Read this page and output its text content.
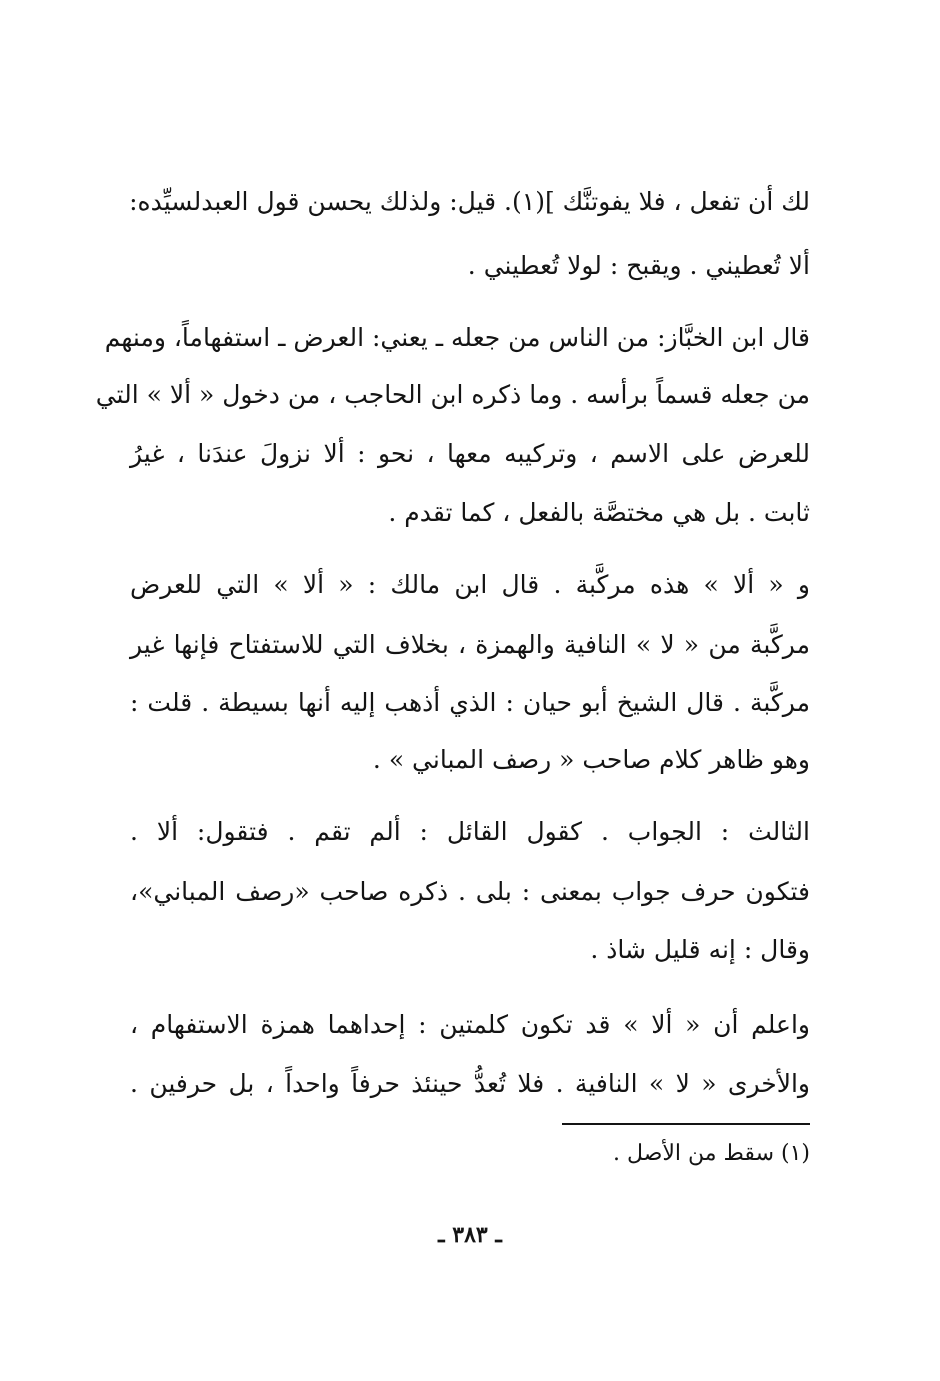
لك أن تفعل ، فلا يفوتنَّك ](١). قيل: ولذلك يحسن قول العبدلسيِّده:
ألا تُعطيني . ويقبح : لولا تُعطيني .
قال ابن الخبَّاز: من الناس من جعله ـ يعني: العرض ـ استفهاماً، ومنهم
من جعله قسماً برأسه . وما ذكره ابن الحاجب ، من دخول « ألا » التي
للعرض على الاسم ، وتركيبه معها ، نحو : ألا نزولَ عندَنا ، غيرُ
ثابت . بل هي مختصَّة بالفعل ، كما تقدم .
و « ألا » هذه مركَّبة . قال ابن مالك : « ألا » التي للعرض
مركَّبة من « لا » النافية والهمزة ، بخلاف التي للاستفتاح فإنها غير
مركَّبة . قال الشيخ أبو حيان : الذي أذهب إليه أنها بسيطة . قلت :
وهو ظاهر كلام صاحب « رصف المباني » .
الثالث : الجواب . كقول القائل : ألم تقم . فتقول: ألا .
فتكون حرف جواب بمعنى : بلى . ذكره صاحب «رصف المباني»،
وقال : إنه قليل شاذ .
واعلم أن « ألا » قد تكون كلمتين : إحداهما همزة الاستفهام ،
والأخرى « لا » النافية . فلا تُعدُّ حينئذ حرفاً واحداً ، بل حرفين .
(١) سقط من الأصل .
ـ ٣٨٣ ـ
